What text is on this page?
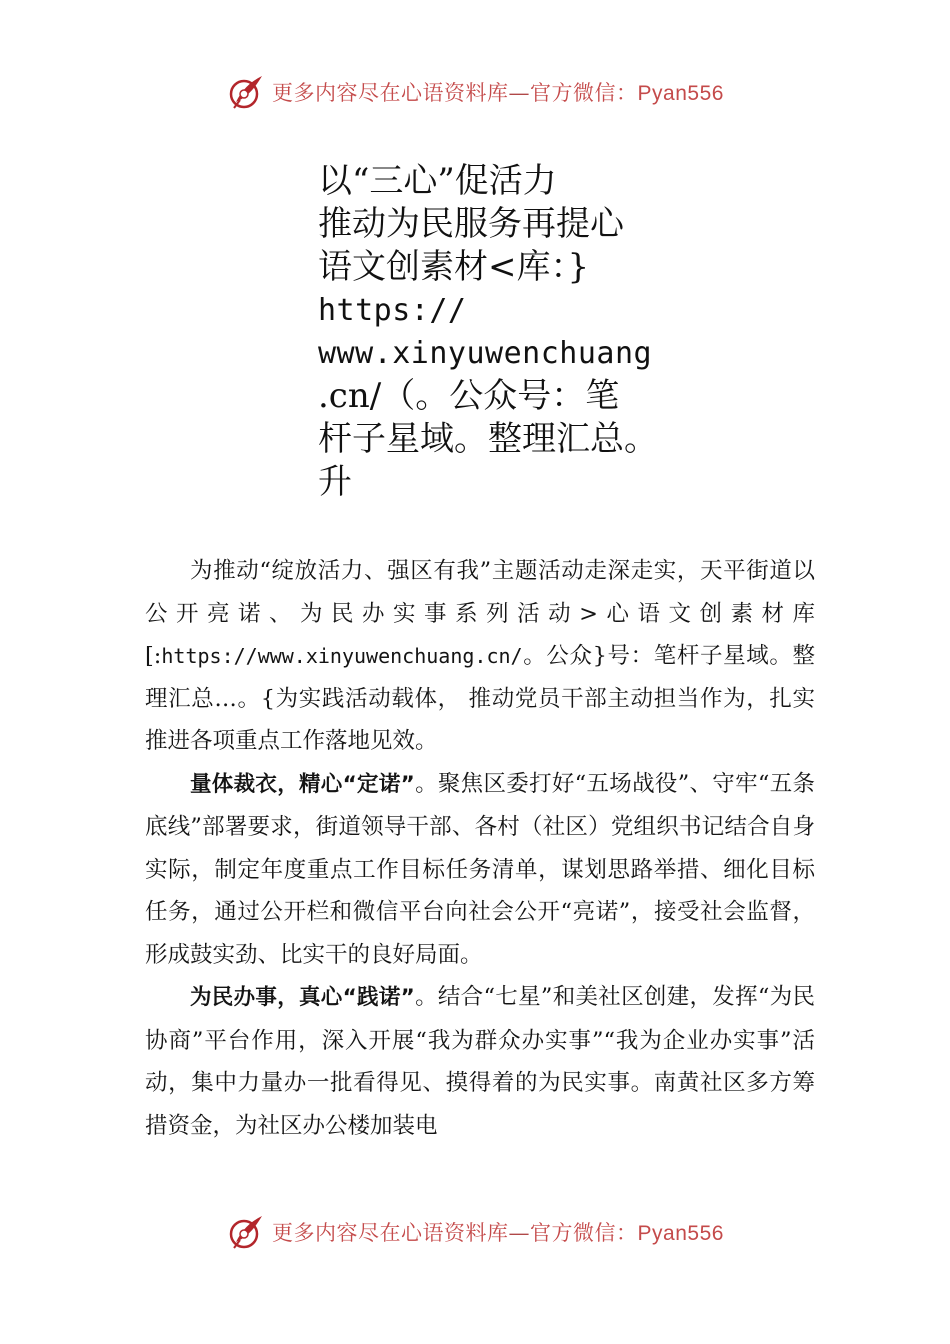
更多内容尽在心语资料库—官方微信：Pyan556
以“三心”促活力
推动为民服务再提心
语文创素材<库：}
https://
www.xinyuwenchuang
.cn/（。公众号：笔
杆子星域。整理汇总。
升

为推动“绽放活力、强区有我”主题活动走深走实，天平街道以公开亮诺、为民办实事系列活动>心语文创素材库[:https://www.xinyuwenchuang.cn/。公众}号：笔杆子星域。整理汇总…。{为实践活动载体， 推动党员干部主动担当作为，扎实推进各项重点工作落地见效。

量体裁衣，精心“定诺”。聚焦区委打好“五场战役”、守牢“五条底线”部署要求，街道领导干部、各村（社区）党组织书记结合自身实际，制定年度重点工作目标任务清单，谋划思路举措、细化目标任务，通过公开栏和微信平台向社会公开“亮诺”，接受社会监督，形成鼓实劲、比实干的良好局面。

为民办事，真心“践诺”。结合“七星”和美社区创建，发挥“为民协商”平台作用，深入开展“我为群众办实事”“我为企业办实事”活动，集中力量办一批看得见、摸得着的为民实事。南黄社区多方筹措资金，为社区办公楼加装电

更多内容尽在心语资料库—官方微信：Pyan556
